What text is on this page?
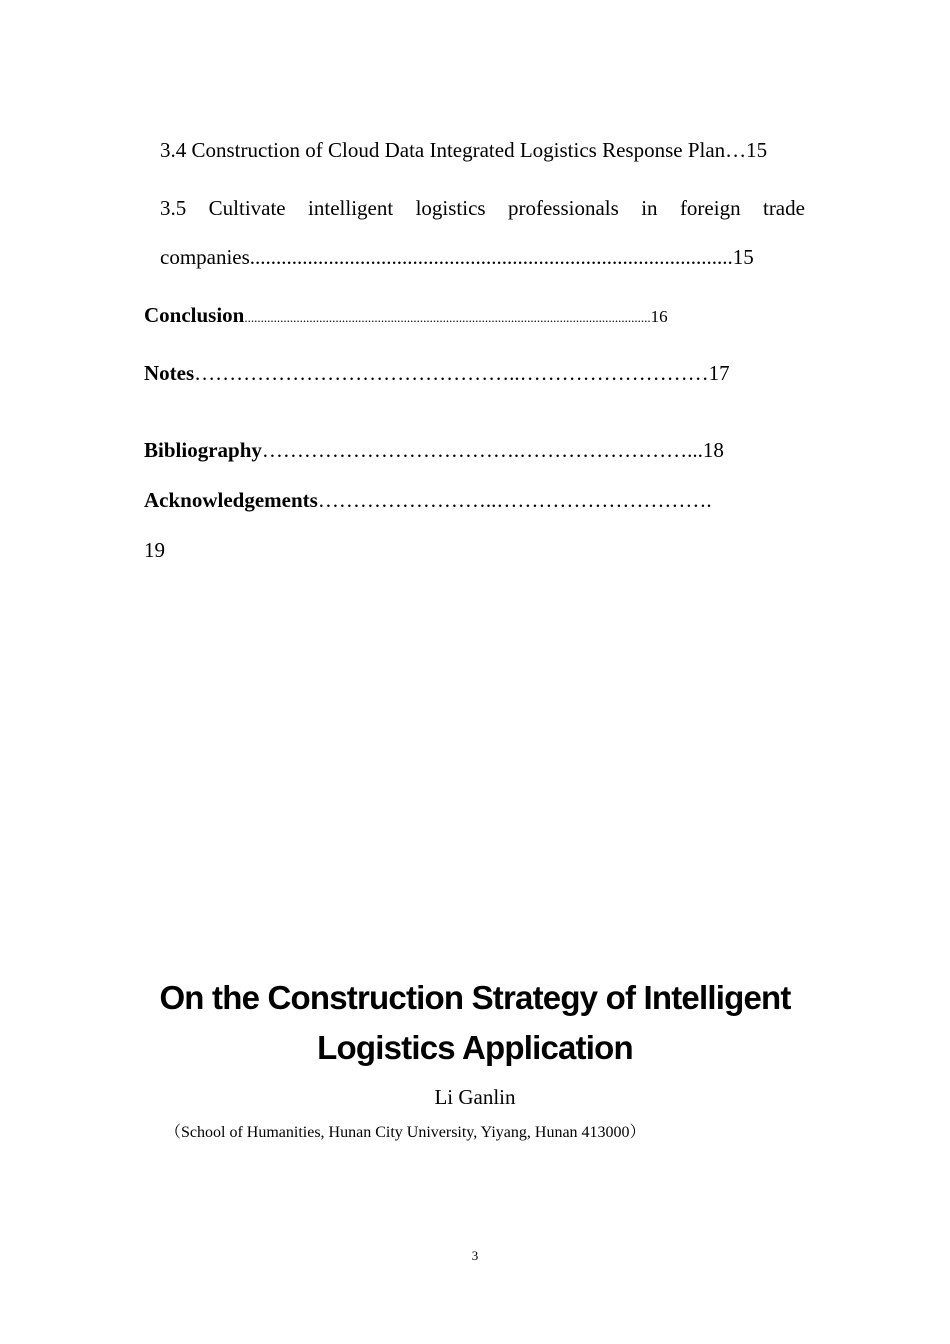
3.4 Construction of Cloud Data Integrated Logistics Response Plan…15
3.5 Cultivate intelligent logistics professionals in foreign trade
companies............................................................................................15
Conclusion.............................................................................................................................16
Notes………………………………………..………………………17
Bibliography……………………………….……………………...18
Acknowledgements……………………..………………………….
19
On the Construction Strategy of Intelligent
Logistics Application
Li Ganlin
（School of Humanities, Hunan City University, Yiyang, Hunan 413000）
3
